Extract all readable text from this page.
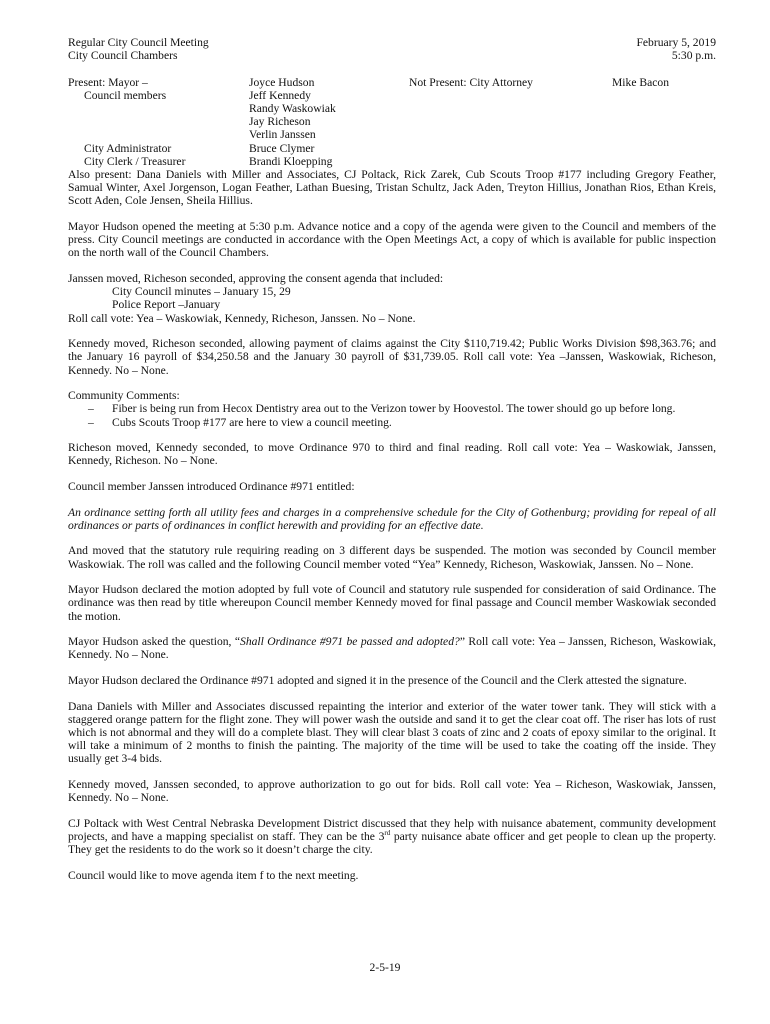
Regular City Council Meeting
City Council Chambers
February 5, 2019
5:30 p.m.
Present: Mayor –
Council members
City Administrator
City Clerk / Treasurer
Joyce Hudson
Jeff Kennedy
Randy Waskowiak
Jay Richeson
Verlin Janssen
Bruce Clymer
Brandi Kloepping
Not Present: City Attorney	Mike Bacon

Also present: Dana Daniels with Miller and Associates, CJ Poltack, Rick Zarek, Cub Scouts Troop #177 including Gregory Feather, Samual Winter, Axel Jorgenson, Logan Feather, Lathan Buesing, Tristan Schultz, Jack Aden, Treyton Hillius, Jonathan Rios, Ethan Kreis, Scott Aden, Cole Jensen, Sheila Hillius.

Mayor Hudson opened the meeting at 5:30 p.m. Advance notice and a copy of the agenda were given to the Council and members of the press. City Council meetings are conducted in accordance with the Open Meetings Act, a copy of which is available for public inspection on the north wall of the Council Chambers.

Janssen moved, Richeson seconded, approving the consent agenda that included:
City Council minutes – January 15, 29
Police Report –January
Roll call vote: Yea – Waskowiak, Kennedy, Richeson, Janssen. No – None.

Kennedy moved, Richeson seconded, allowing payment of claims against the City $110,719.42; Public Works Division $98,363.76; and the January 16 payroll of $34,250.58 and the January 30 payroll of $31,739.05. Roll call vote: Yea –Janssen, Waskowiak, Richeson, Kennedy. No – None.

Community Comments:
– Fiber is being run from Hecox Dentistry area out to the Verizon tower by Hoovestol. The tower should go up before long.
– Cubs Scouts Troop #177 are here to view a council meeting.

Richeson moved, Kennedy seconded, to move Ordinance 970 to third and final reading. Roll call vote: Yea – Waskowiak, Janssen, Kennedy, Richeson. No – None.

Council member Janssen introduced Ordinance #971 entitled:

An ordinance setting forth all utility fees and charges in a comprehensive schedule for the City of Gothenburg; providing for repeal of all ordinances or parts of ordinances in conflict herewith and providing for an effective date.

And moved that the statutory rule requiring reading on 3 different days be suspended. The motion was seconded by Council member Waskowiak. The roll was called and the following Council member voted “Yea” Kennedy, Richeson, Waskowiak, Janssen. No – None.

Mayor Hudson declared the motion adopted by full vote of Council and statutory rule suspended for consideration of said Ordinance. The ordinance was then read by title whereupon Council member Kennedy moved for final passage and Council member Waskowiak seconded the motion.

Mayor Hudson asked the question, “Shall Ordinance #971 be passed and adopted?” Roll call vote: Yea – Janssen, Richeson, Waskowiak, Kennedy. No – None.

Mayor Hudson declared the Ordinance #971 adopted and signed it in the presence of the Council and the Clerk attested the signature.

Dana Daniels with Miller and Associates discussed repainting the interior and exterior of the water tower tank. They will stick with a staggered orange pattern for the flight zone. They will power wash the outside and sand it to get the clear coat off. The riser has lots of rust which is not abnormal and they will do a complete blast. They will clear blast 3 coats of zinc and 2 coats of epoxy similar to the original. It will take a minimum of 2 months to finish the painting. The majority of the time will be used to take the coating off the inside. They usually get 3-4 bids.

Kennedy moved, Janssen seconded, to approve authorization to go out for bids. Roll call vote: Yea – Richeson, Waskowiak, Janssen, Kennedy. No – None.

CJ Poltack with West Central Nebraska Development District discussed that they help with nuisance abatement, community development projects, and have a mapping specialist on staff. They can be the 3rd party nuisance abate officer and get people to clean up the property. They get the residents to do the work so it doesn’t charge the city.

Council would like to move agenda item f to the next meeting.

2-5-19
